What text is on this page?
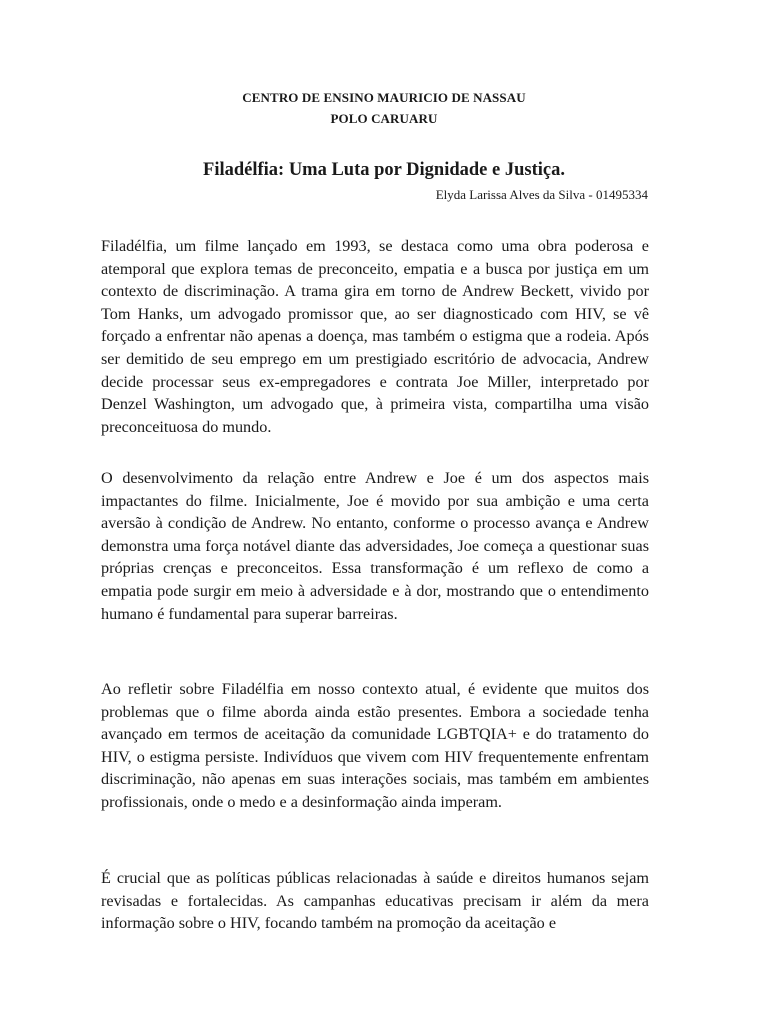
CENTRO DE ENSINO MAURICIO DE NASSAU
POLO CARUARU
Filadélfia: Uma Luta por Dignidade e Justiça.
Elyda Larissa Alves da Silva - 01495334

Filadélfia, um filme lançado em 1993, se destaca como uma obra poderosa e atemporal que explora temas de preconceito, empatia e a busca por justiça em um contexto de discriminação. A trama gira em torno de Andrew Beckett, vivido por Tom Hanks, um advogado promissor que, ao ser diagnosticado com HIV, se vê forçado a enfrentar não apenas a doença, mas também o estigma que a rodeia. Após ser demitido de seu emprego em um prestigiado escritório de advocacia, Andrew decide processar seus ex-empregadores e contrata Joe Miller, interpretado por Denzel Washington, um advogado que, à primeira vista, compartilha uma visão preconceituosa do mundo.

O desenvolvimento da relação entre Andrew e Joe é um dos aspectos mais impactantes do filme. Inicialmente, Joe é movido por sua ambição e uma certa aversão à condição de Andrew. No entanto, conforme o processo avança e Andrew demonstra uma força notável diante das adversidades, Joe começa a questionar suas próprias crenças e preconceitos. Essa transformação é um reflexo de como a empatia pode surgir em meio à adversidade e à dor, mostrando que o entendimento humano é fundamental para superar barreiras.

Ao refletir sobre Filadélfia em nosso contexto atual, é evidente que muitos dos problemas que o filme aborda ainda estão presentes. Embora a sociedade tenha avançado em termos de aceitação da comunidade LGBTQIA+ e do tratamento do HIV, o estigma persiste. Indivíduos que vivem com HIV frequentemente enfrentam discriminação, não apenas em suas interações sociais, mas também em ambientes profissionais, onde o medo e a desinformação ainda imperam.

É crucial que as políticas públicas relacionadas à saúde e direitos humanos sejam revisadas e fortalecidas. As campanhas educativas precisam ir além da mera informação sobre o HIV, focando também na promoção da aceitação e
